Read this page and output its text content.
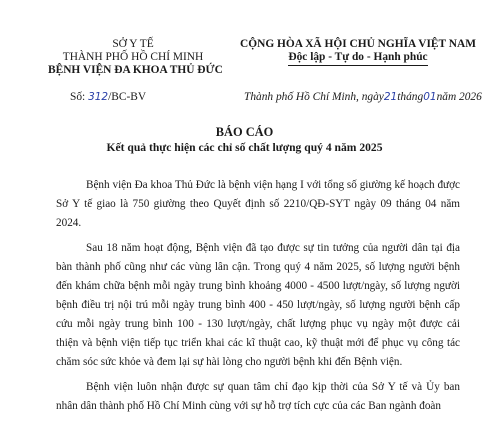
SỞ Y TẾ
THÀNH PHỐ HỒ CHÍ MINH
BỆNH VIỆN ĐA KHOA THỦ ĐỨC
CỘNG HÒA XÃ HỘI CHỦ NGHĨA VIỆT NAM
Độc lập - Tự do - Hạnh phúc
Số: 312/BC-BV	Thành phố Hồ Chí Minh, ngày21tháng01năm 2026
BÁO CÁO
Kết quả thực hiện các chỉ số chất lượng quý 4 năm 2025

Bệnh viện Đa khoa Thủ Đức là bệnh viện hạng I với tổng số giường kế hoạch được Sở Y tế giao là 750 giường theo Quyết định số 2210/QĐ-SYT ngày 09 tháng 04 năm 2024.

Sau 18 năm hoạt động, Bệnh viện đã tạo được sự tin tưởng của người dân tại địa bàn thành phố cũng như các vùng lân cận. Trong quý 4 năm 2025, số lượng người bệnh đến khám chữa bệnh mỗi ngày trung bình khoảng 4000 - 4500 lượt/ngày, số lượng người bệnh điều trị nội trú mỗi ngày trung bình 400 - 450 lượt/ngày, số lượng người bệnh cấp cứu mỗi ngày trung bình 100 - 130 lượt/ngày, chất lượng phục vụ ngày một được cải thiện và bệnh viện tiếp tục triển khai các kĩ thuật cao, kỹ thuật mới để phục vụ công tác chăm sóc sức khỏe và đem lại sự hài lòng cho người bệnh khi đến Bệnh viện.

Bệnh viện luôn nhận được sự quan tâm chỉ đạo kịp thời của Sở Y tế và Ủy ban nhân dân thành phố Hồ Chí Minh cùng với sự hỗ trợ tích cực của các Ban ngành đoàn
